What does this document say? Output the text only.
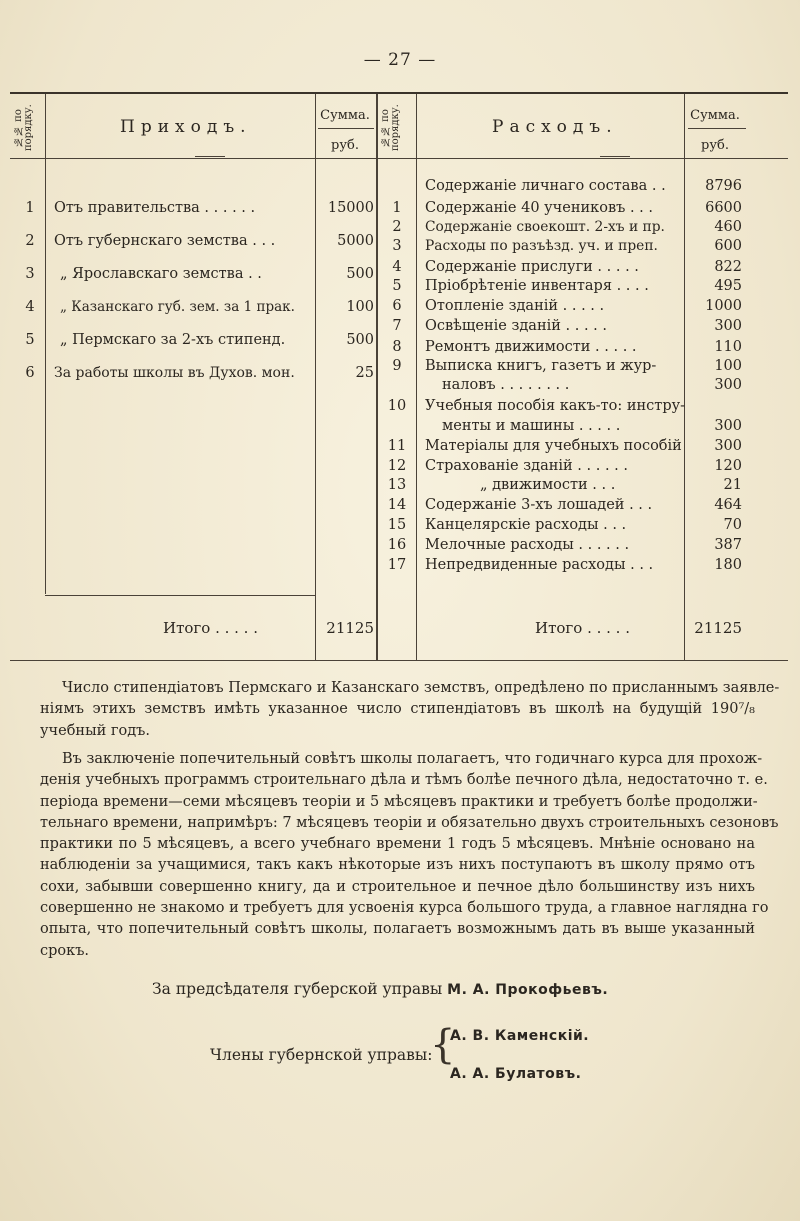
— 27 —
№№ по порядку.	Приходъ.
Сумма.
руб.	№№ по порядку.	Расходъ.
Сумма.
руб.
1	Отъ правительства . . . . . .	15000
2	Отъ губернскаго земства . . .	5000
3	„ Ярославскаго земства . .	500
4	„ Казанскаго губ. зем. за 1 прак.	100
5	„ Пермскаго за 2-хъ стипенд.	500
6	За работы школы въ Духов. мон.	25
Содержаніе личнаго состава . .	8796
1	Содержаніе 40 учениковъ . . .	6600
2	Содержаніе своекошт. 2-хъ и пр.	460
3	Расходы по разъѣзд. уч. и преп.	600
4	Содержаніе прислуги . . . . .	822
5	Пріобрѣтеніе инвентаря . . . .	495
6	Отопленіе зданій . . . . .	1000
7	Освѣщеніе зданій . . . . .	300
8	Ремонтъ движимости . . . . .	110
9	Выписка книгъ, газетъ и жур-	100
наловъ . . . . . . . .	300
10	Учебныя пособія какъ-то: инстру-
менты и машины . . . . .	300
11	Матеріалы для учебныхъ пособій	300
12	Страхованіе зданій . . . . . .	120
13	„ движимости . . .	21
14	Содержаніе 3-хъ лошадей . . .	464
15	Канцелярскіе расходы . . .	70
16	Мелочные расходы . . . . . .	387
17	Непредвиденные расходы . . .	180
Итого . . . . .	21125	Итого . . . . .	21125
Число стипендіатовъ Пермскаго и Казанскаго земствъ, опредѣлено по присланнымъ заявле-
ніямъ этихъ земствъ имѣть указанное число стипендіатовъ въ школѣ на будущій 190⁷/₈
учебный годъ.
Въ заключеніе попечительный совѣтъ школы полагаетъ, что годичнаго курса для прохож-
денія учебныхъ программъ строительнаго дѣла и тѣмъ болѣе печного дѣла, недостаточно т. е.
періода времени—семи мѣсяцевъ теоріи и 5 мѣсяцевъ практики и требуетъ болѣе продолжи-
тельнаго времени, напримѣръ: 7 мѣсяцевъ теоріи и обязательно двухъ строительныхъ сезоновъ
практики по 5 мѣсяцевъ, а всего учебнаго времени 1 годъ 5 мѣсяцевъ. Мнѣніе основано на
наблюденіи за учащимися, такъ какъ нѣкоторые изъ нихъ поступаютъ въ школу прямо отъ
сохи, забывши совершенно книгу, да и строительное и печное дѣло большинству изъ нихъ
совершенно не знакомо и требуетъ для усвоенія курса большого труда, а главное наглядна го
опыта, что попечительный совѣтъ школы, полагаетъ возможнымъ дать въ выше указанный
срокъ.
За предсѣдателя губерской управы М. А. Прокофьевъ.
Члены губернской управы:
{
А. В. Каменскій.
А. А. Булатовъ.
